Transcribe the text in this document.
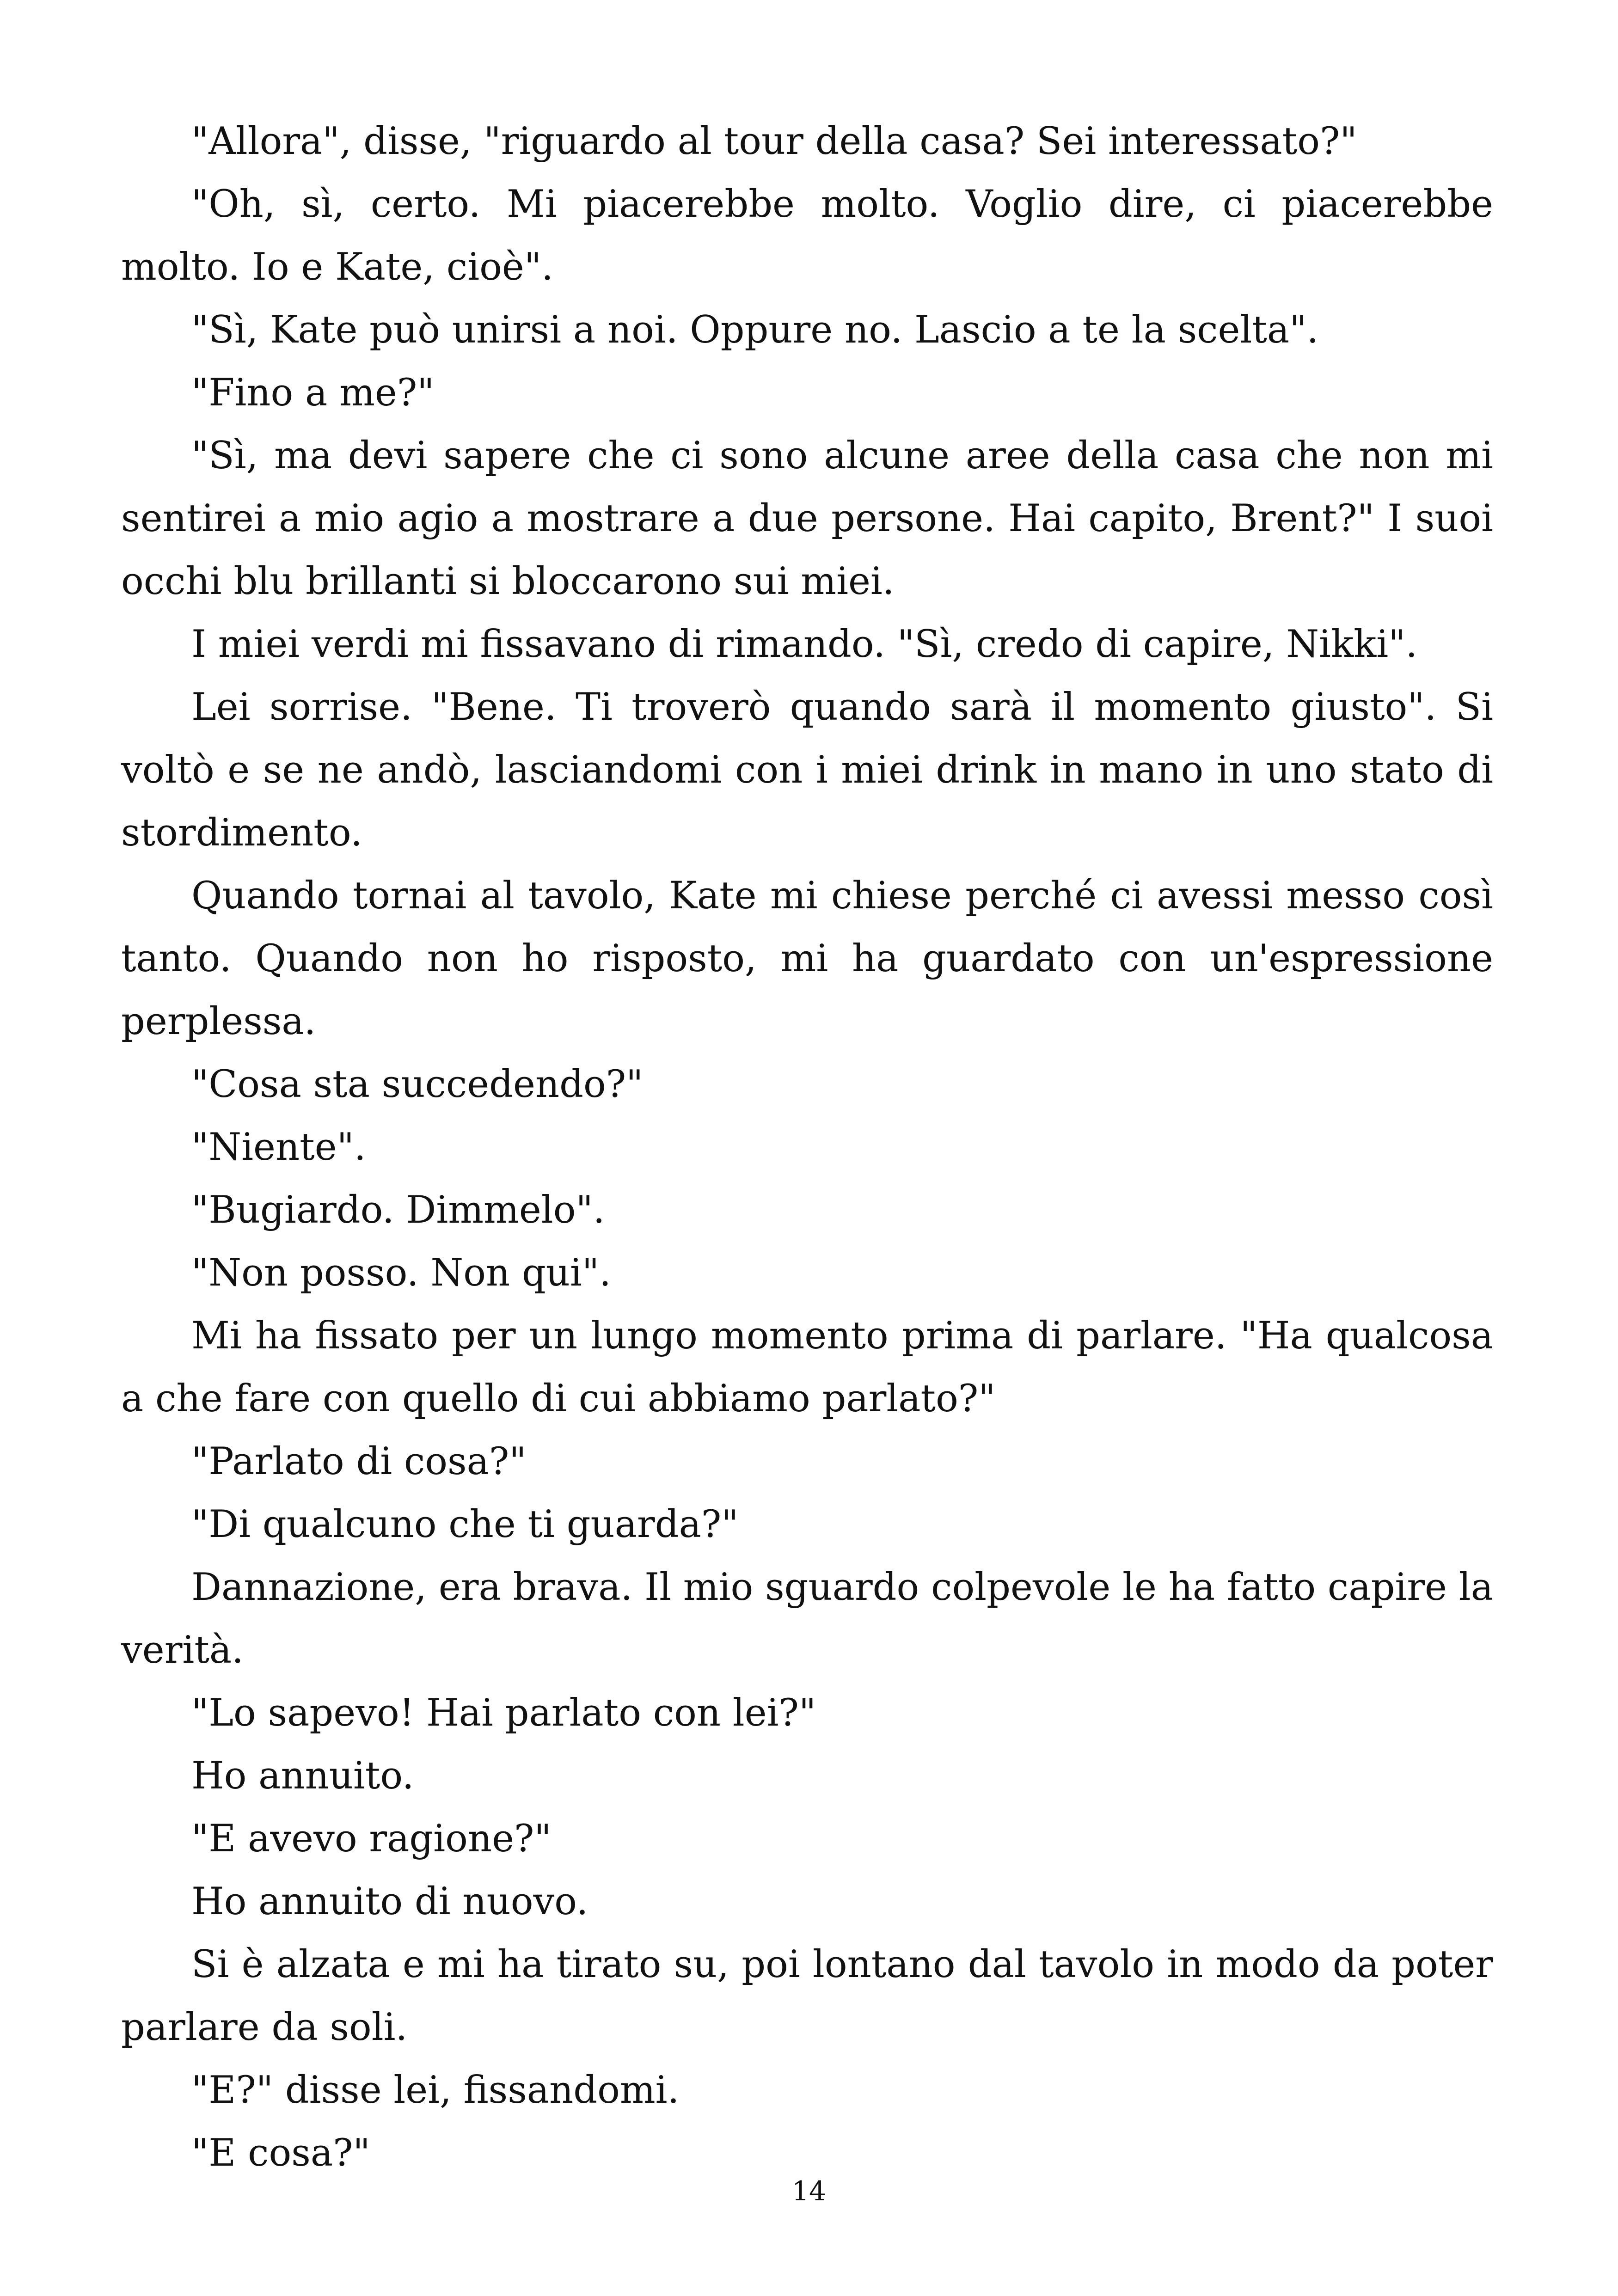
"Allora", disse, "riguardo al tour della casa? Sei interessato?"

"Oh, sì, certo. Mi piacerebbe molto. Voglio dire, ci piacerebbe molto. Io e Kate, cioè".

"Sì, Kate può unirsi a noi. Oppure no. Lascio a te la scelta".

"Fino a me?"

"Sì, ma devi sapere che ci sono alcune aree della casa che non mi sentirei a mio agio a mostrare a due persone. Hai capito, Brent?" I suoi occhi blu brillanti si bloccarono sui miei.

I miei verdi mi fissavano di rimando. "Sì, credo di capire, Nikki".

Lei sorrise. "Bene. Ti troverò quando sarà il momento giusto". Si voltò e se ne andò, lasciandomi con i miei drink in mano in uno stato di stordimento.

Quando tornai al tavolo, Kate mi chiese perché ci avessi messo così tanto. Quando non ho risposto, mi ha guardato con un'espressione perplessa.

"Cosa sta succedendo?"

"Niente".

"Bugiardo. Dimmelo".

"Non posso. Non qui".

Mi ha fissato per un lungo momento prima di parlare. "Ha qualcosa a che fare con quello di cui abbiamo parlato?"

"Parlato di cosa?"

"Di qualcuno che ti guarda?"

Dannazione, era brava. Il mio sguardo colpevole le ha fatto capire la verità.

"Lo sapevo! Hai parlato con lei?"

Ho annuito.

"E avevo ragione?"

Ho annuito di nuovo.

Si è alzata e mi ha tirato su, poi lontano dal tavolo in modo da poter parlare da soli.

"E?" disse lei, fissandomi.

"E cosa?"

14
